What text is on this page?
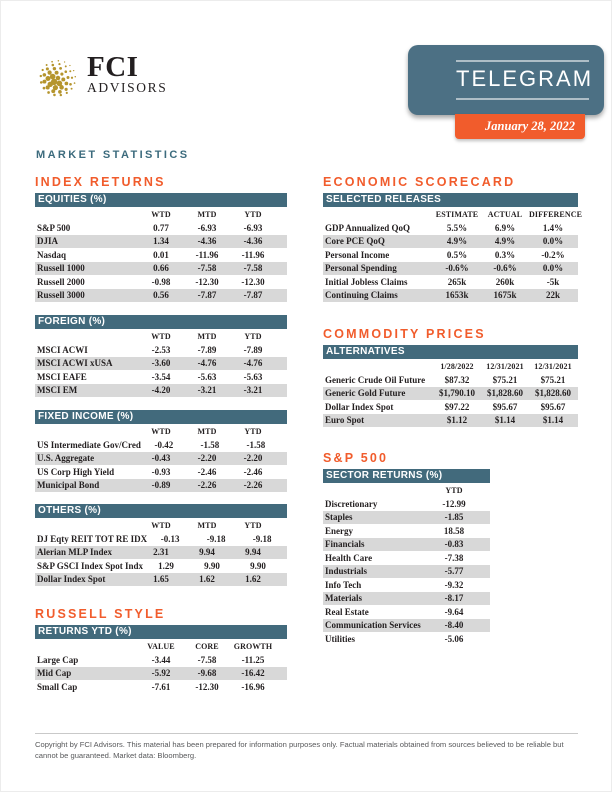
FCI
ADVISORS	TELEGRAM
January 28, 2022
MARKET STATISTICS
INDEX RETURNS
EQUITIES (%)
WTD	MTD	YTD
S&P 500	0.77	-6.93	-6.93
DJIA	1.34	-4.36	-4.36
Nasdaq	0.01	-11.96	-11.96
Russell 1000	0.66	-7.58	-7.58
Russell 2000	-0.98	-12.30	-12.30
Russell 3000	0.56	-7.87	-7.87
FOREIGN (%)
WTD	MTD	YTD
MSCI ACWI	-2.53	-7.89	-7.89
MSCI ACWI xUSA	-3.60	-4.76	-4.76
MSCI EAFE	-3.54	-5.63	-5.63
MSCI EM	-4.20	-3.21	-3.21
FIXED INCOME (%)
WTD	MTD	YTD
US Intermediate Gov/Cred	-0.42	-1.58	-1.58
U.S. Aggregate	-0.43	-2.20	-2.20
US Corp High Yield	-0.93	-2.46	-2.46
Municipal Bond	-0.89	-2.26	-2.26
OTHERS (%)
WTD	MTD	YTD
DJ Eqty REIT TOT RE IDX	-0.13	-9.18	-9.18
Alerian MLP Index	2.31	9.94	9.94
S&P GSCI Index Spot Indx	1.29	9.90	9.90
Dollar Index Spot	1.65	1.62	1.62
RUSSELL STYLE
RETURNS YTD (%)
VALUE	CORE	GROWTH
Large Cap	-3.44	-7.58	-11.25
Mid Cap	-5.92	-9.68	-16.42
Small Cap	-7.61	-12.30	-16.96
ECONOMIC SCORECARD
SELECTED RELEASES
ESTIMATE	ACTUAL DIFFERENCE
GDP Annualized QoQ	5.5%	6.9%	1.4%
Core PCE QoQ	4.9%	4.9%	0.0%
Personal Income	0.5%	0.3%	-0.2%
Personal Spending	-0.6%	-0.6%	0.0%
Initial Jobless Claims	265k	260k	-5k
Continuing Claims	1653k	1675k	22k
COMMODITY PRICES
ALTERNATIVES
1/28/2022	12/31/2021	12/31/2021
Generic Crude Oil Future	$87.32	$75.21	$75.21
Generic Gold Future	$1,790.10	$1,828.60	$1,828.60
Dollar Index Spot	$97.22	$95.67	$95.67
Euro Spot	$1.12	$1.14	$1.14
S&P 500
SECTOR RETURNS (%)
YTD
Discretionary	-12.99
Staples	-1.85
Energy	18.58
Financials	-0.83
Health Care	-7.38
Industrials	-5.77
Info Tech	-9.32
Materials	-8.17
Real Estate	-9.64
Communication Services	-8.40
Utilities	-5.06

Copyright by FCI Advisors. This material has been prepared for information purposes only. Factual materials obtained from sources believed to be reliable but cannot be guaranteed. Market data: Bloomberg.
